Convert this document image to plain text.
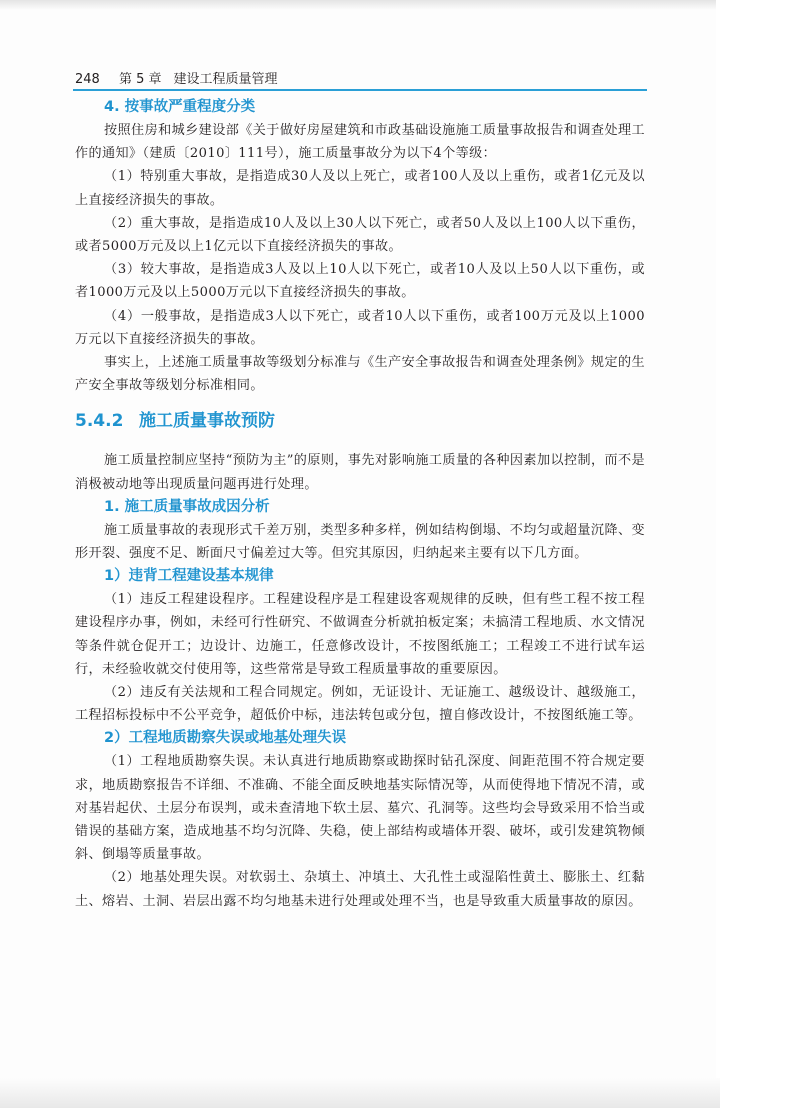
248 第 5 章 建设工程质量管理
4. 按事故严重程度分类

按照住房和城乡建设部《关于做好房屋建筑和市政基础设施施工质量事故报告和调查处理工作的通知》（建质〔2010〕111号），施工质量事故分为以下4个等级：

（1）特别重大事故，是指造成30人及以上死亡，或者100人及以上重伤，或者1亿元及以上直接经济损失的事故。

（2）重大事故，是指造成10人及以上30人以下死亡，或者50人及以上100人以下重伤，或者5000万元及以上1亿元以下直接经济损失的事故。

（3）较大事故，是指造成3人及以上10人以下死亡，或者10人及以上50人以下重伤，或者1000万元及以上5000万元以下直接经济损失的事故。

（4）一般事故，是指造成3人以下死亡，或者10人以下重伤，或者100万元及以上1000万元以下直接经济损失的事故。

事实上，上述施工质量事故等级划分标准与《生产安全事故报告和调查处理条例》规定的生产安全事故等级划分标准相同。

5.4.2 施工质量事故预防

施工质量控制应坚持“预防为主”的原则，事先对影响施工质量的各种因素加以控制，而不是消极被动地等出现质量问题再进行处理。

1. 施工质量事故成因分析

施工质量事故的表现形式千差万别，类型多种多样，例如结构倒塌、不均匀或超量沉降、变形开裂、强度不足、断面尺寸偏差过大等。但究其原因，归纳起来主要有以下几方面。

1）违背工程建设基本规律

（1）违反工程建设程序。工程建设程序是工程建设客观规律的反映，但有些工程不按工程建设程序办事，例如，未经可行性研究、不做调查分析就拍板定案；未搞清工程地质、水文情况等条件就仓促开工；边设计、边施工，任意修改设计，不按图纸施工；工程竣工不进行试车运行，未经验收就交付使用等，这些常常是导致工程质量事故的重要原因。

（2）违反有关法规和工程合同规定。例如，无证设计、无证施工、越级设计、越级施工，工程招标投标中不公平竞争，超低价中标，违法转包或分包，擅自修改设计，不按图纸施工等。

2）工程地质勘察失误或地基处理失误

（1）工程地质勘察失误。未认真进行地质勘察或勘探时钻孔深度、间距范围不符合规定要求，地质勘察报告不详细、不准确、不能全面反映地基实际情况等，从而使得地下情况不清，或对基岩起伏、土层分布误判，或未查清地下软土层、墓穴、孔洞等。这些均会导致采用不恰当或错误的基础方案，造成地基不均匀沉降、失稳，使上部结构或墙体开裂、破坏，或引发建筑物倾斜、倒塌等质量事故。

（2）地基处理失误。对软弱土、杂填土、冲填土、大孔性土或湿陷性黄土、膨胀土、红黏土、熔岩、土洞、岩层出露不均匀地基未进行处理或处理不当，也是导致重大质量事故的原因。
